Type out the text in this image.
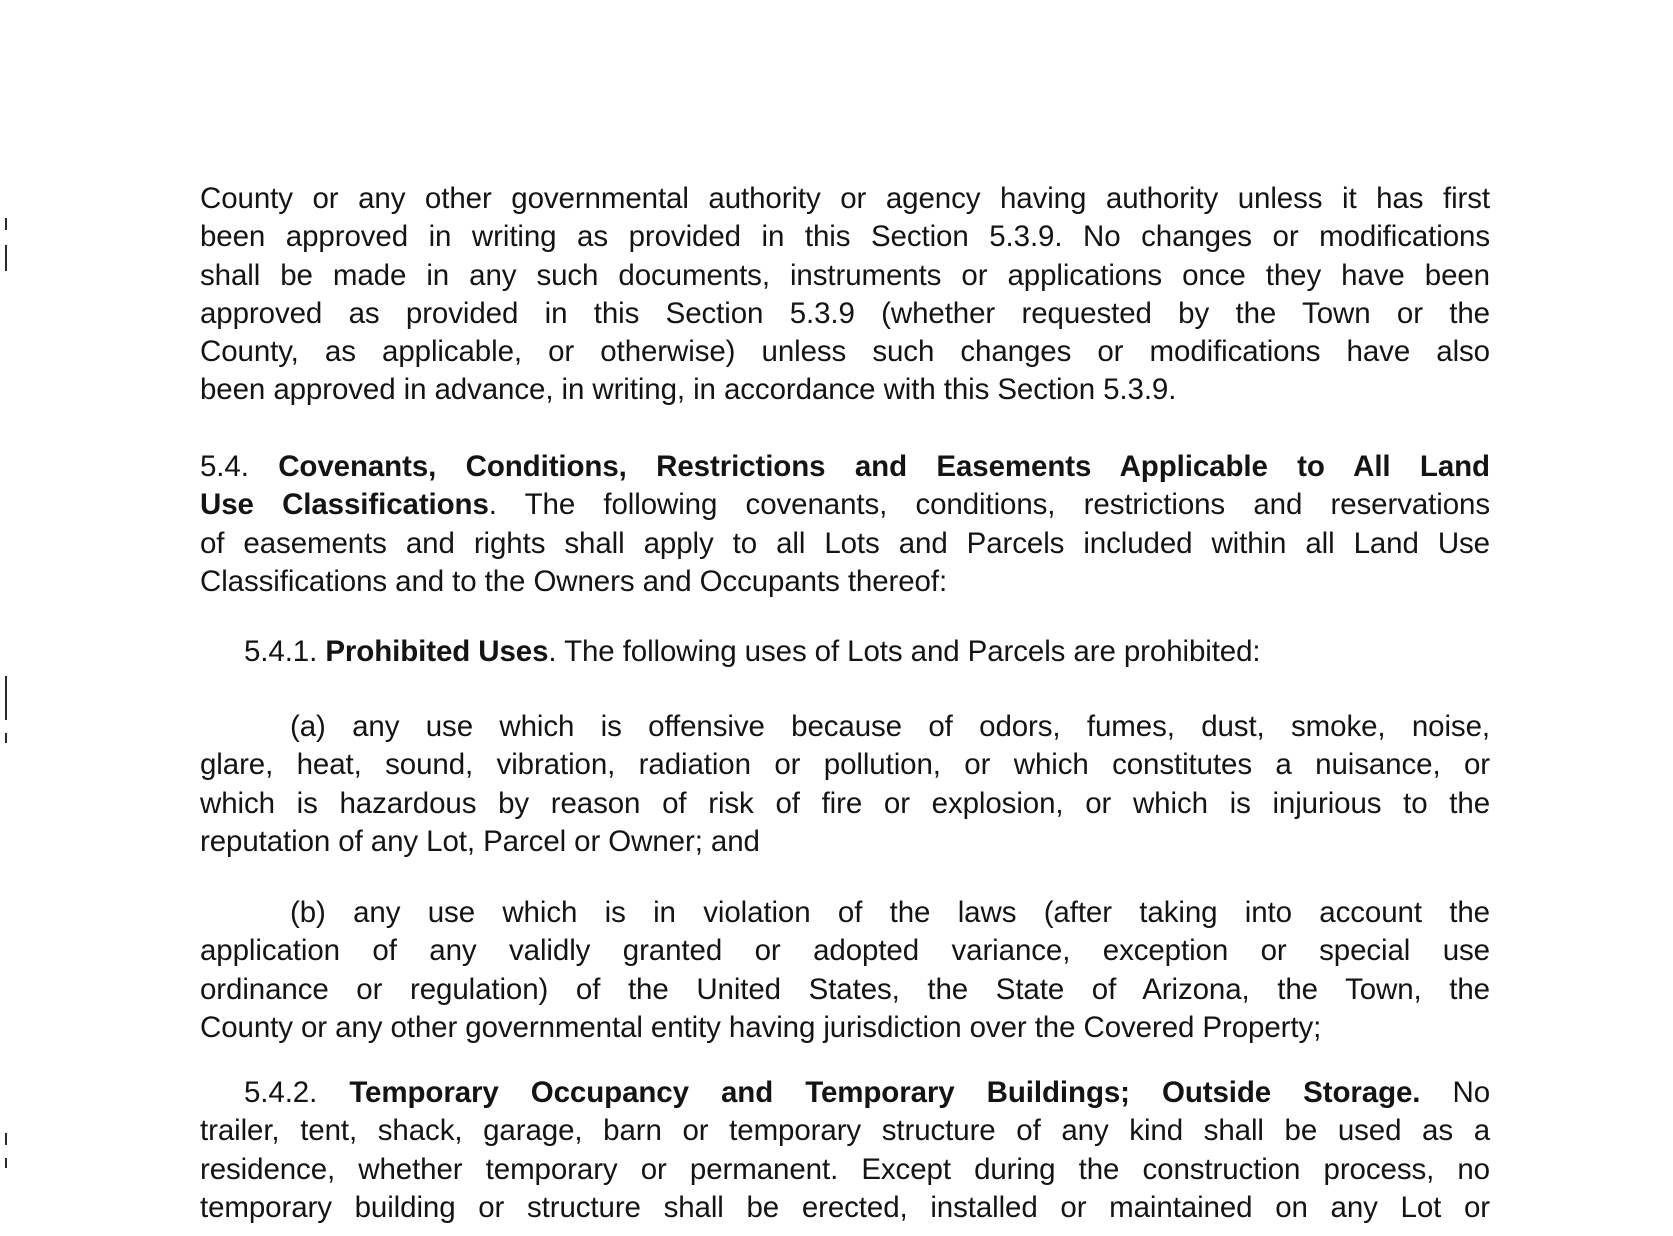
County or any other governmental authority or agency having authority unless it has first
been approved in writing as provided in this Section 5.3.9. No changes or modifications
shall be made in any such documents, instruments or applications once they have been
approved as provided in this Section 5.3.9 (whether requested by the Town or the
County, as applicable, or otherwise) unless such changes or modifications have also
been approved in advance, in writing, in accordance with this Section 5.3.9.
5.4. Covenants, Conditions, Restrictions and Easements Applicable to All Land
Use Classifications. The following covenants, conditions, restrictions and reservations
of easements and rights shall apply to all Lots and Parcels included within all Land Use
Classifications and to the Owners and Occupants thereof:
5.4.1. Prohibited Uses. The following uses of Lots and Parcels are prohibited:
(a) any use which is offensive because of odors, fumes, dust, smoke, noise,
glare, heat, sound, vibration, radiation or pollution, or which constitutes a nuisance, or
which is hazardous by reason of risk of fire or explosion, or which is injurious to the
reputation of any Lot, Parcel or Owner; and
(b) any use which is in violation of the laws (after taking into account the
application of any validly granted or adopted variance, exception or special use
ordinance or regulation) of the United States, the State of Arizona, the Town, the
County or any other governmental entity having jurisdiction over the Covered Property;
5.4.2. Temporary Occupancy and Temporary Buildings; Outside Storage. No
trailer, tent, shack, garage, barn or temporary structure of any kind shall be used as a
residence, whether temporary or permanent. Except during the construction process, no
temporary building or structure shall be erected, installed or maintained on any Lot or
